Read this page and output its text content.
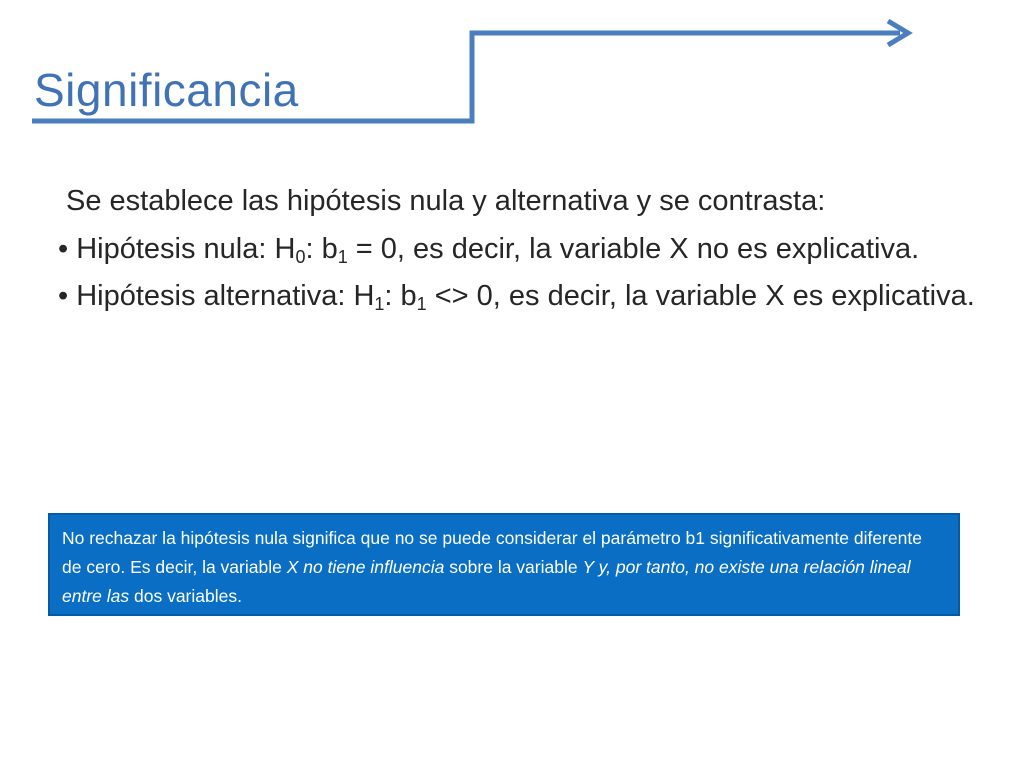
Significancia

Se establece las hipótesis nula y alternativa y se contrasta:

• Hipótesis nula: $H_0$: $b_1 = 0$, es decir, la variable X no es explicativa.

• Hipótesis alternativa: $H_1$: $b_1 <> 0$, es decir, la variable X es explicativa.

No rechazar la hipótesis nula significa que no se puede considerar el parámetro b1 significativamente diferente de cero. Es decir, la variable X no tiene influencia sobre la variable Y y, por tanto, no existe una relación lineal entre las dos variables.
